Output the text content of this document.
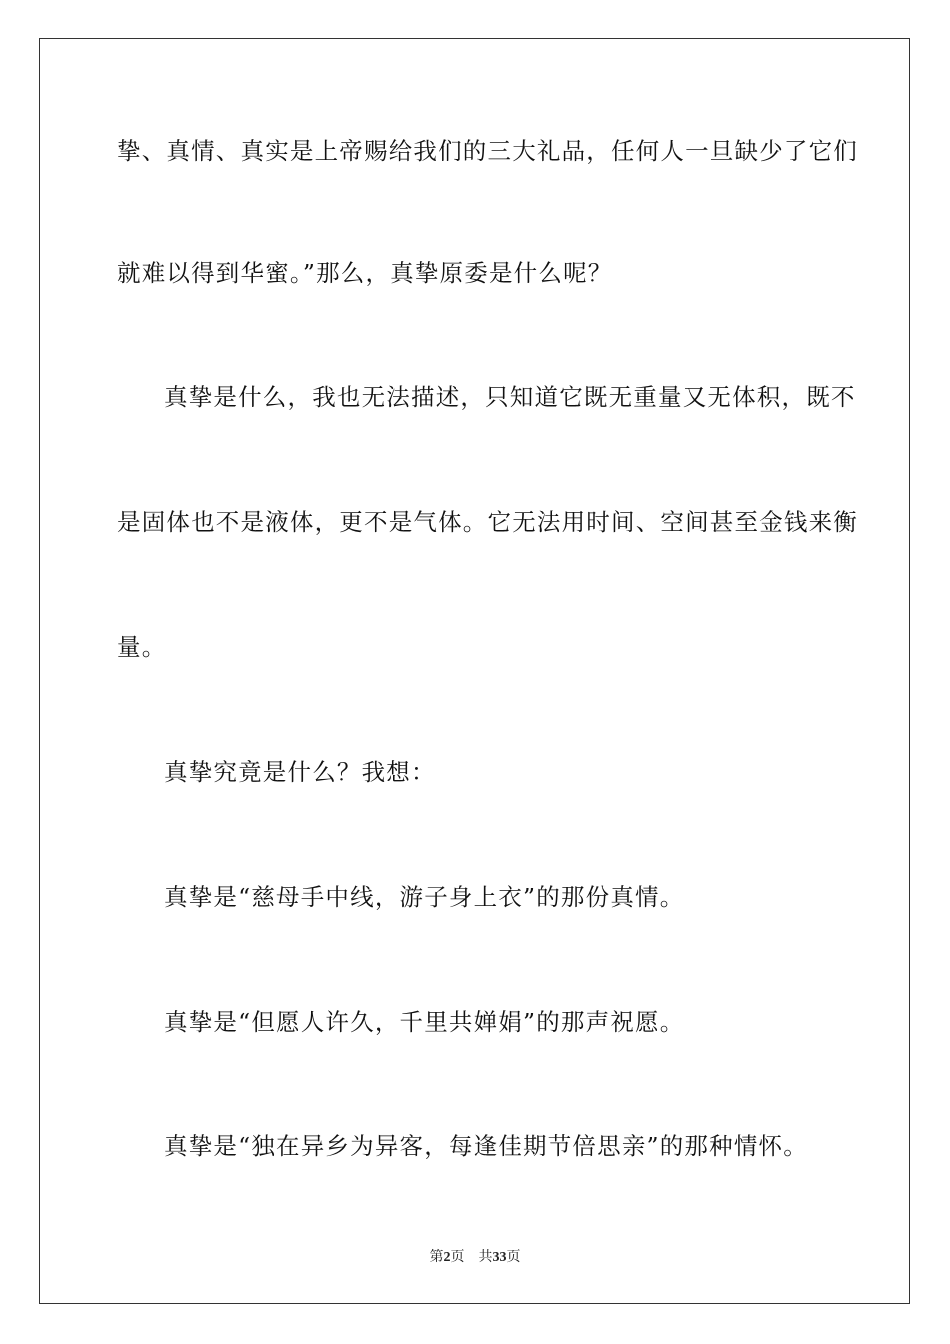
挚、真情、真实是上帝赐给我们的三大礼品，任何人一旦缺少了它们
就难以得到华蜜。”那么，真挚原委是什么呢？
真挚是什么，我也无法描述，只知道它既无重量又无体积，既不
是固体也不是液体，更不是气体。它无法用时间、空间甚至金钱来衡
量。
真挚究竟是什么？我想：
真挚是“慈母手中线，游子身上衣”的那份真情。
真挚是“但愿人许久，千里共婵娟”的那声祝愿。
真挚是“独在异乡为异客，每逢佳期节倍思亲”的那种情怀。
第2页 共33页
